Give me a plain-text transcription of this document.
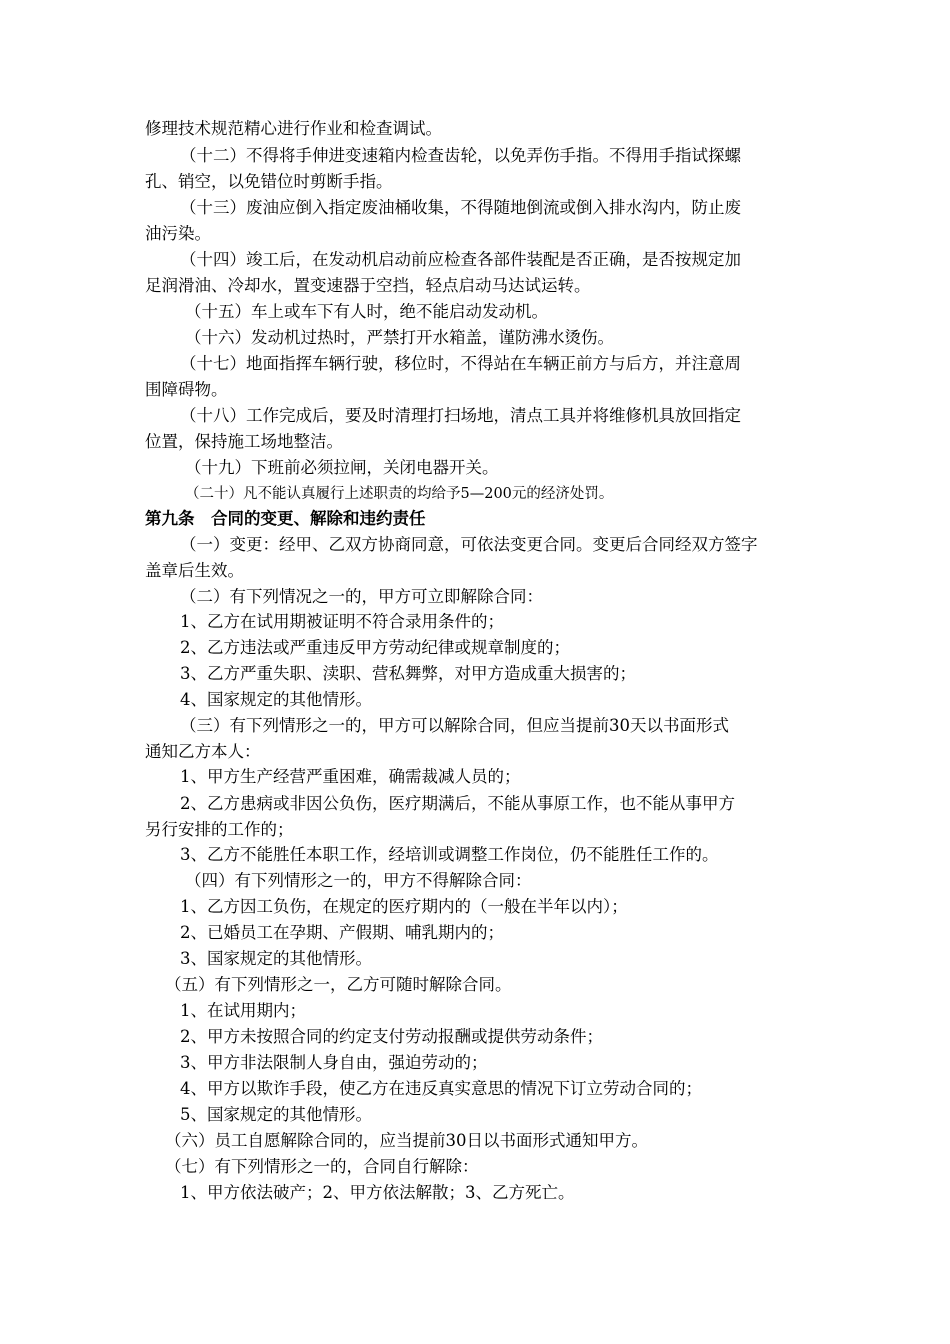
修理技术规范精心进行作业和检查调试。
（十二）不得将手伸进变速箱内检查齿轮，以免弄伤手指。不得用手指试探螺
孔、销空，以免错位时剪断手指。
（十三）废油应倒入指定废油桶收集，不得随地倒流或倒入排水沟内，防止废
油污染。
（十四）竣工后，在发动机启动前应检查各部件装配是否正确，是否按规定加
足润滑油、冷却水，置变速器于空挡，轻点启动马达试运转。
（十五）车上或车下有人时，绝不能启动发动机。
（十六）发动机过热时，严禁打开水箱盖，谨防沸水烫伤。
（十七）地面指挥车辆行驶，移位时，不得站在车辆正前方与后方，并注意周
围障碍物。
（十八）工作完成后，要及时清理打扫场地，清点工具并将维修机具放回指定
位置，保持施工场地整洁。
（十九）下班前必须拉闸，关闭电器开关。
（二十）凡不能认真履行上述职责的均给予5—200元的经济处罚。
第九条　合同的变更、解除和违约责任
（一）变更：经甲、乙双方协商同意，可依法变更合同。变更后合同经双方签字
盖章后生效。
（二）有下列情况之一的，甲方可立即解除合同：
1、乙方在试用期被证明不符合录用条件的；
2、乙方违法或严重违反甲方劳动纪律或规章制度的；
3、乙方严重失职、渎职、营私舞弊，对甲方造成重大损害的；
4、国家规定的其他情形。
（三）有下列情形之一的，甲方可以解除合同，但应当提前30天以书面形式
通知乙方本人：
1、甲方生产经营严重困难，确需裁减人员的；
2、乙方患病或非因公负伤，医疗期满后，不能从事原工作，也不能从事甲方
另行安排的工作的；
3、乙方不能胜任本职工作，经培训或调整工作岗位，仍不能胜任工作的。
（四）有下列情形之一的，甲方不得解除合同：
1、乙方因工负伤，在规定的医疗期内的（一般在半年以内）；
2、已婚员工在孕期、产假期、哺乳期内的；
3、国家规定的其他情形。
（五）有下列情形之一，乙方可随时解除合同。
1、在试用期内；
2、甲方未按照合同的约定支付劳动报酬或提供劳动条件；
3、甲方非法限制人身自由，强迫劳动的；
4、甲方以欺诈手段，使乙方在违反真实意思的情况下订立劳动合同的；
5、国家规定的其他情形。
（六）员工自愿解除合同的，应当提前30日以书面形式通知甲方。
（七）有下列情形之一的，合同自行解除：
1、甲方依法破产；2、甲方依法解散；3、乙方死亡。
